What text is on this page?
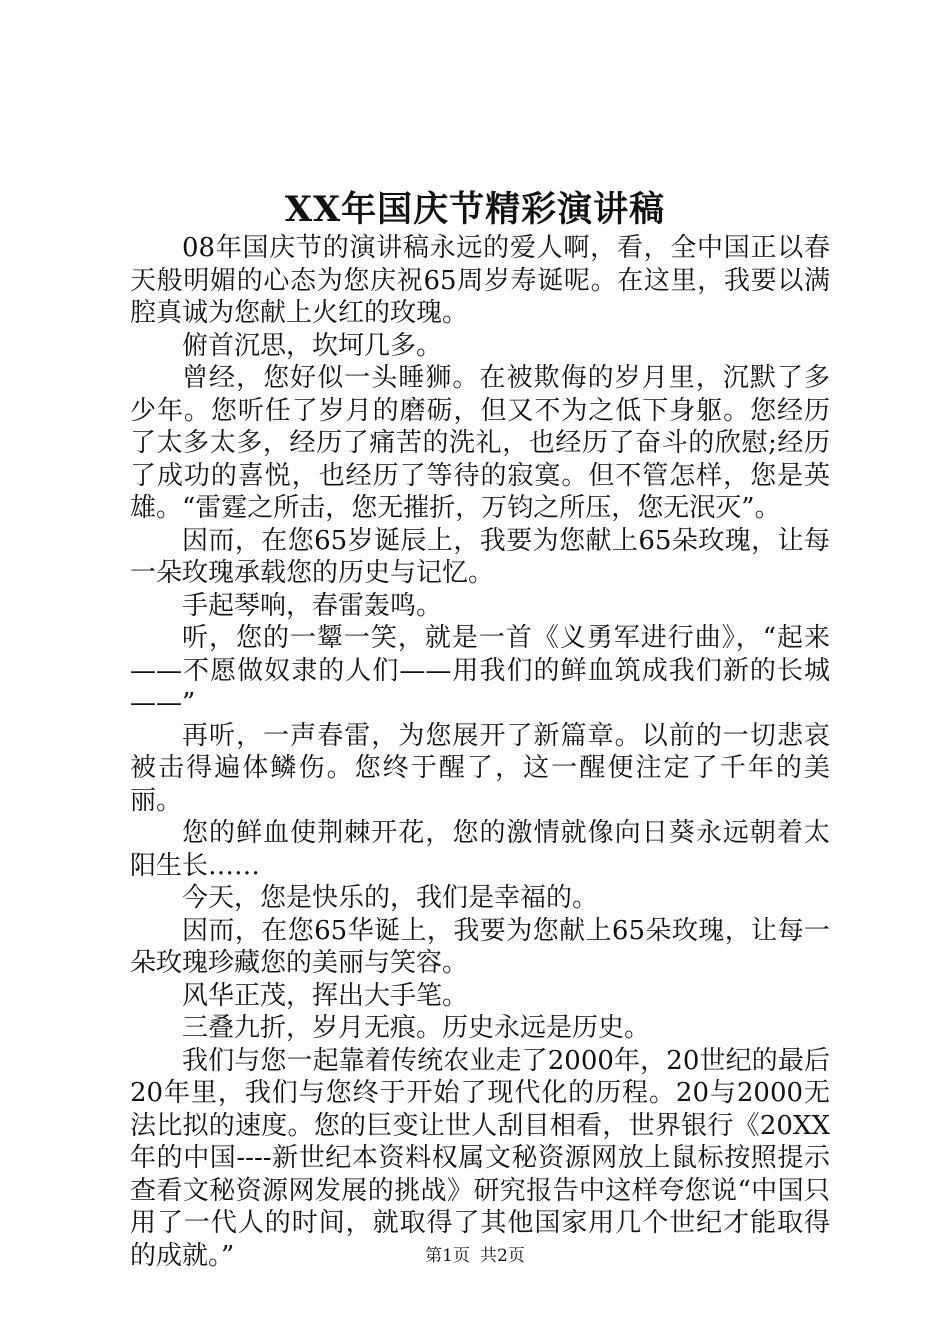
XX年国庆节精彩演讲稿

08年国庆节的演讲稿永远的爱人啊，看，全中国正以春天般明媚的心态为您庆祝65周岁寿诞呢。在这里，我要以满腔真诚为您献上火红的玫瑰。

俯首沉思，坎坷几多。

曾经，您好似一头睡狮。在被欺侮的岁月里，沉默了多少年。您听任了岁月的磨砺，但又不为之低下身躯。您经历了太多太多，经历了痛苦的洗礼，也经历了奋斗的欣慰;经历了成功的喜悦，也经历了等待的寂寞。但不管怎样，您是英雄。“雷霆之所击，您无摧折，万钧之所压，您无泯灭”。

因而，在您65岁诞辰上，我要为您献上65朵玫瑰，让每一朵玫瑰承载您的历史与记忆。

手起琴响，春雷轰鸣。

听，您的一颦一笑，就是一首《义勇军进行曲》，“起来——不愿做奴隶的人们——用我们的鲜血筑成我们新的长城——”

再听，一声春雷，为您展开了新篇章。以前的一切悲哀被击得遍体鳞伤。您终于醒了，这一醒便注定了千年的美丽。

您的鲜血使荆棘开花，您的激情就像向日葵永远朝着太阳生长……

今天，您是快乐的，我们是幸福的。

因而，在您65华诞上，我要为您献上65朵玫瑰，让每一朵玫瑰珍藏您的美丽与笑容。

风华正茂，挥出大手笔。

三叠九折，岁月无痕。历史永远是历史。

我们与您一起靠着传统农业走了2000年，20世纪的最后20年里，我们与您终于开始了现代化的历程。20与2000无法比拟的速度。您的巨变让世人刮目相看，世界银行《20XX年的中国----新世纪本资料权属文秘资源网放上鼠标按照提示查看文秘资源网发展的挑战》研究报告中这样夸您说“中国只用了一代人的时间，就取得了其他国家用几个世纪才能取得的成就。”	第1页 共2页
